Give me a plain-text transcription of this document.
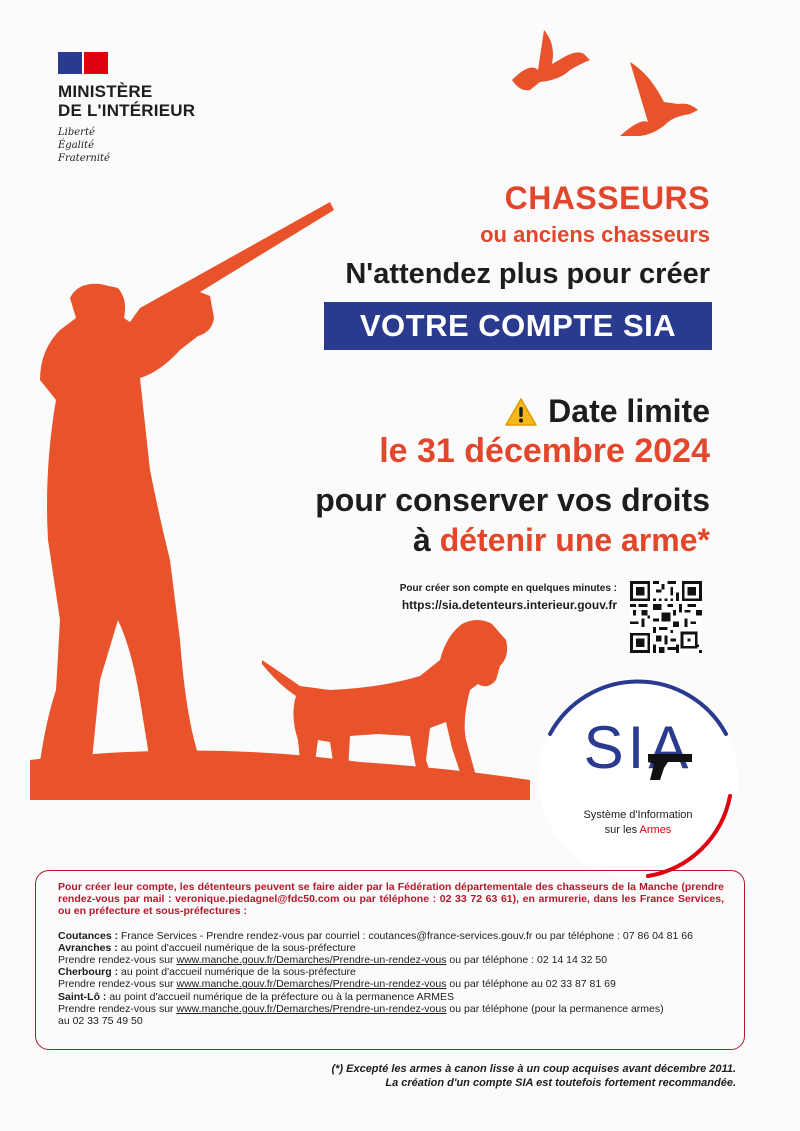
MINISTÈRE
DE L'INTÉRIEUR
Liberté
Égalité
Fraternité
CHASSEURS
ou anciens chasseurs
N'attendez plus pour créer
VOTRE COMPTE SIA
Date limite
le 31 décembre 2024
pour conserver vos droits
à détenir une arme*
Pour créer son compte en quelques minutes :
https://sia.detenteurs.interieur.gouv.fr
SIA
Système d'Information
sur les Armes

Pour créer leur compte, les détenteurs peuvent se faire aider par la Fédération départementale des chasseurs de la Manche (prendre rendez-vous par mail : veronique.piedagnel@fdc50.com ou par téléphone : 02 33 72 63 61), en armurerie, dans les France Services, ou en préfecture et sous-préfectures :

Coutances : France Services - Prendre rendez-vous par courriel : coutances@france-services.gouv.fr ou par téléphone : 07 86 04 81 66

Avranches : au point d'accueil numérique de la sous-préfecture

Prendre rendez-vous sur www.manche.gouv.fr/Demarches/Prendre-un-rendez-vous ou par téléphone : 02 14 14 32 50

Cherbourg : au point d'accueil numérique de la sous-préfecture

Prendre rendez-vous sur www.manche.gouv.fr/Demarches/Prendre-un-rendez-vous ou par téléphone au 02 33 87 81 69

Saint-Lô : au point d'accueil numérique de la préfecture ou à la permanence ARMES

Prendre rendez-vous sur www.manche.gouv.fr/Demarches/Prendre-un-rendez-vous ou par téléphone (pour la permanence armes)

au 02 33 75 49 50

(*) Excepté les armes à canon lisse à un coup acquises avant décembre 2011.
La création d'un compte SIA est toutefois fortement recommandée.
